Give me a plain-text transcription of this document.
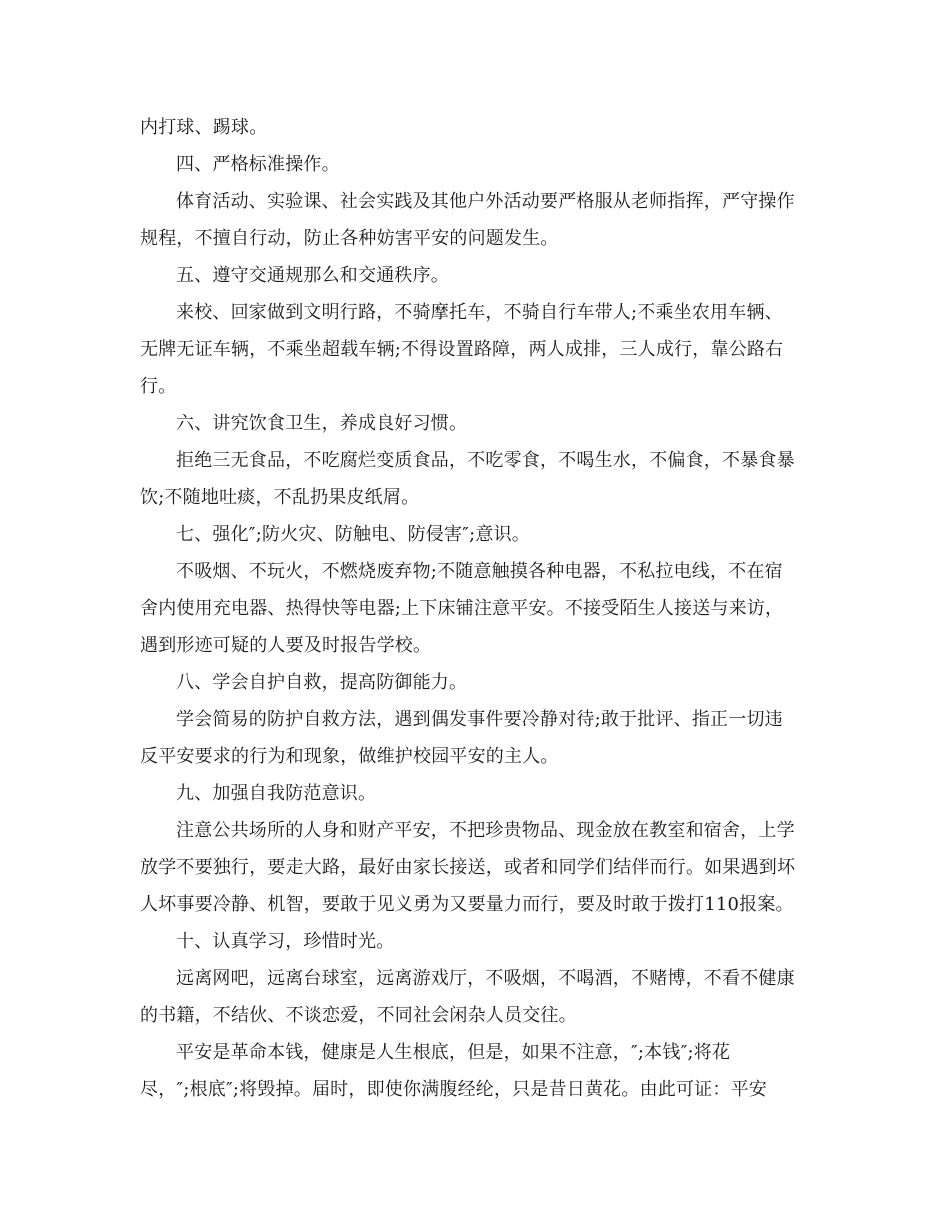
内打球、踢球。
四、严格标准操作。
体育活动、实验课、社会实践及其他户外活动要严格服从老师指挥，严守操作
规程，不擅自行动，防止各种妨害平安的问题发生。
五、遵守交通规那么和交通秩序。
来校、回家做到文明行路，不骑摩托车，不骑自行车带人;不乘坐农用车辆、
无牌无证车辆，不乘坐超载车辆;不得设置路障，两人成排，三人成行，靠公路右
行。
六、讲究饮食卫生，养成良好习惯。
拒绝三无食品，不吃腐烂变质食品，不吃零食，不喝生水，不偏食，不暴食暴
饮;不随地吐痰，不乱扔果皮纸屑。
七、强化″;防火灾、防触电、防侵害″;意识。
不吸烟、不玩火，不燃烧废弃物;不随意触摸各种电器，不私拉电线，不在宿
舍内使用充电器、热得快等电器;上下床铺注意平安。不接受陌生人接送与来访，
遇到形迹可疑的人要及时报告学校。
八、学会自护自救，提高防御能力。
学会简易的防护自救方法，遇到偶发事件要冷静对待;敢于批评、指正一切违
反平安要求的行为和现象，做维护校园平安的主人。
九、加强自我防范意识。
注意公共场所的人身和财产平安，不把珍贵物品、现金放在教室和宿舍，上学
放学不要独行，要走大路，最好由家长接送，或者和同学们结伴而行。如果遇到坏
人坏事要冷静、机智，要敢于见义勇为又要量力而行，要及时敢于拨打110报案。
十、认真学习，珍惜时光。
远离网吧，远离台球室，远离游戏厅，不吸烟，不喝酒，不赌博，不看不健康
的书籍，不结伙、不谈恋爱，不同社会闲杂人员交往。
平安是革命本钱，健康是人生根底，但是，如果不注意，″;本钱″;将花
尽，″;根底″;将毁掉。届时，即使你满腹经纶，只是昔日黄花。由此可证：平安
